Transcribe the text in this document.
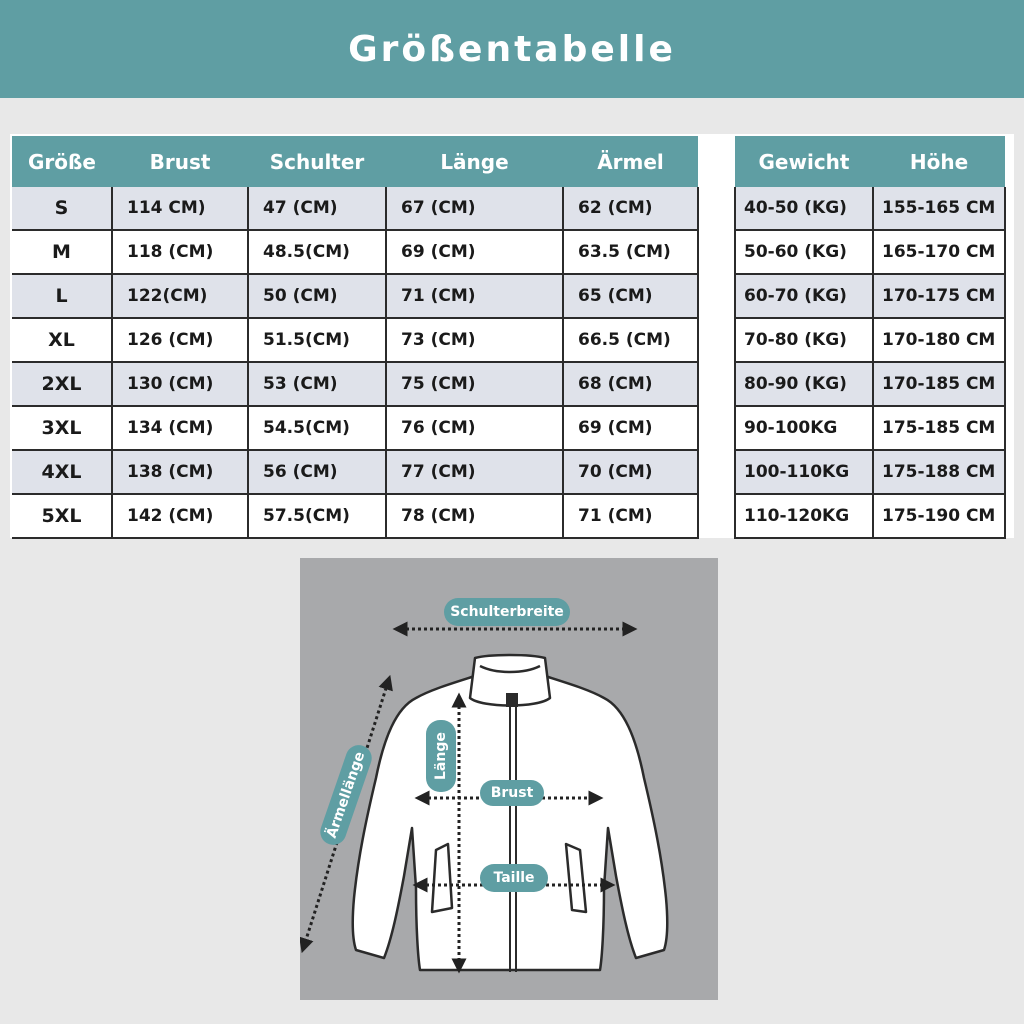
Größentabelle
Größe	Brust	Schulter	Länge	Ärmel
S	114 CM)	47 (CM)	67 (CM)	62 (CM)
M	118 (CM)	48.5(CM)	69 (CM)	63.5 (CM)
L	122(CM)	50 (CM)	71 (CM)	65 (CM)
XL	126 (CM)	51.5(CM)	73 (CM)	66.5 (CM)
2XL	130 (CM)	53 (CM)	75 (CM)	68 (CM)
3XL	134 (CM)	54.5(CM)	76 (CM)	69 (CM)
4XL	138 (CM)	56 (CM)	77 (CM)	70 (CM)
5XL	142 (CM)	57.5(CM)	78 (CM)	71 (CM)
Gewicht	Höhe
40-50 (KG)	155-165 CM
50-60 (KG)	165-170 CM
60-70 (KG)	170-175 CM
70-80 (KG)	170-180 CM
80-90 (KG)	170-185 CM
90-100KG	175-185 CM
100-110KG	175-188 CM
110-120KG	175-190 CM
Schulterbreite
Länge
Brust
Taille
Ärmellänge
